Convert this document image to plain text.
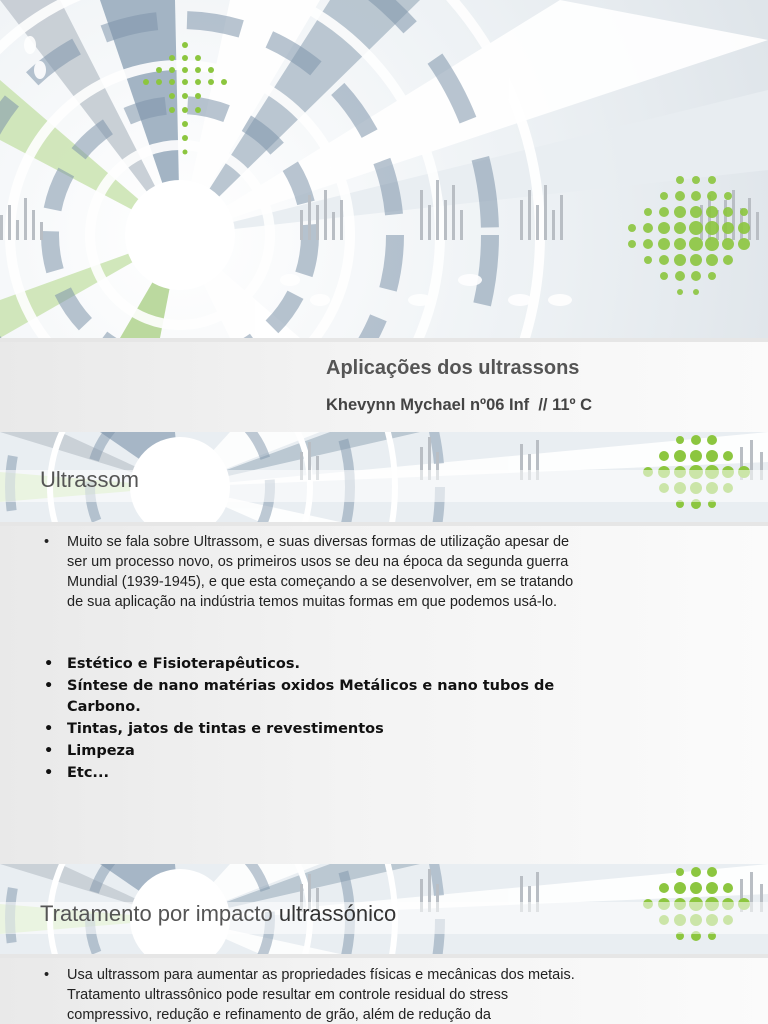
Aplicações dos ultrassons
Khevynn Mychael nº06 Inf  // 11º C
Ultrassom
• Muito se fala sobre Ultrassom, e suas diversas formas de utilização apesar de ser um processo novo, os primeiros usos se deu na época da segunda guerra Mundial (1939-1945), e que esta começando a se desenvolver, em se tratando de sua aplicação na indústria temos muitas formas em que podemos usá-lo.
• Estético e Fisioterapêuticos.
• Síntese de nano matérias oxidos Metálicos e nano tubos de Carbono.
• Tintas, jatos de tintas e revestimentos
• Limpeza
• Etc...
Tratamento por impacto ultrassónico
• Usa ultrassom para aumentar as propriedades físicas e mecânicas dos metais. Tratamento ultrassônico pode resultar em controle residual do stress compressivo, redução e refinamento de grão, além de redução da
